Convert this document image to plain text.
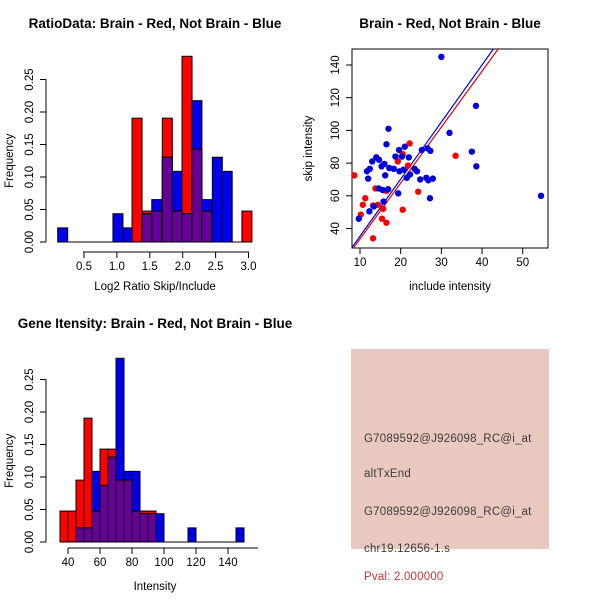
RatioData: Brain - Red, Not Brain - Blue
0.00
0.05
0.10
0.15
0.20
0.25
Frequency
0.5 1.0 1.5 2.0 2.5 3.0
Log2 Ratio Skip/Include
Brain - Red, Not Brain - Blue
10 20 30 40 50
40
60
80
100
120
140
include intensity
skip intensity
Gene Itensity: Brain - Red, Not Brain - Blue
0.00
0.05
0.10
0.15
0.20
0.25
Frequency
40 60 80 100 120 140
Intensity
G7089592@J926098_RC@i_at
altTxEnd
G7089592@J926098_RC@i_at
chr19.12656-1.s
Pval: 2.000000
